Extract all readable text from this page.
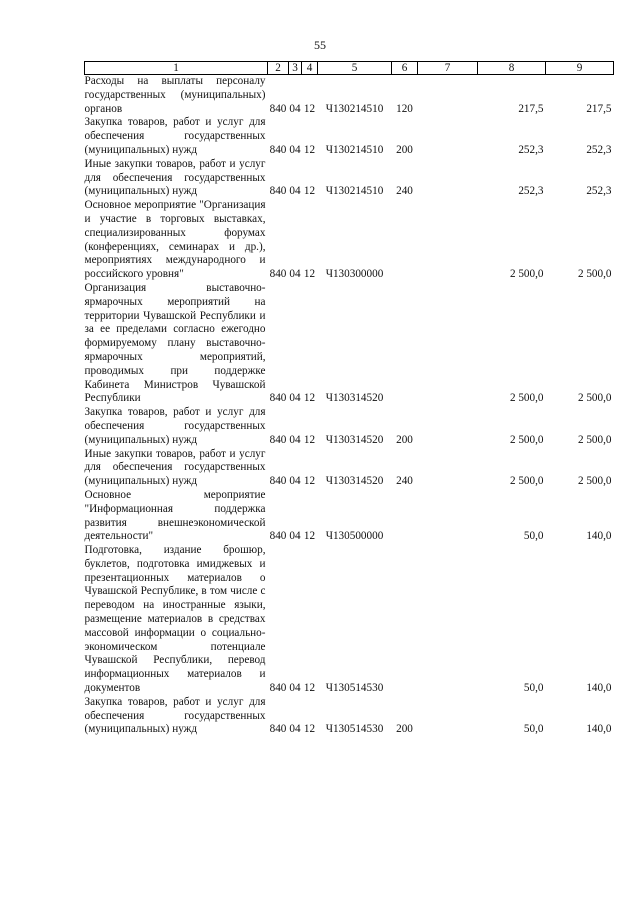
55
1	2	3	4	5	6	7	8	9
Расходы на выплаты персоналу государственных (муниципальных) органов	840	04	12	Ч130214510	120		217,5	217,5
Закупка товаров, работ и услуг для обеспечения государственных (муниципальных) нужд	840	04	12	Ч130214510	200		252,3	252,3
Иные закупки товаров, работ и услуг для обеспечения государственных (муниципальных) нужд	840	04	12	Ч130214510	240		252,3	252,3
Основное мероприятие "Организация и участие в торговых выставках, специализированных форумах (конференциях, семинарах и др.), мероприятиях международного и российского уровня"	840	04	12	Ч130300000			2 500,0	2 500,0
Организация выставочно-ярмарочных мероприятий на территории Чувашской Республики и за ее пределами согласно ежегодно формируемому плану выставочно-ярмарочных мероприятий, проводимых при поддержке Кабинета Министров Чувашской Республики	840	04	12	Ч130314520			2 500,0	2 500,0
Закупка товаров, работ и услуг для обеспечения государственных (муниципальных) нужд	840	04	12	Ч130314520	200		2 500,0	2 500,0
Иные закупки товаров, работ и услуг для обеспечения государственных (муниципальных) нужд	840	04	12	Ч130314520	240		2 500,0	2 500,0
Основное мероприятие "Информационная поддержка развития внешнеэкономической деятельности"	840	04	12	Ч130500000			50,0	140,0
Подготовка, издание брошюр, буклетов, подготовка имиджевых и презентационных материалов о Чувашской Республике, в том числе с переводом на иностранные языки, размещение материалов в средствах массовой информации о социально-экономическом потенциале Чувашской Республики, перевод информационных материалов и документов	840	04	12	Ч130514530			50,0	140,0
Закупка товаров, работ и услуг для обеспечения государственных (муниципальных) нужд	840	04	12	Ч130514530	200		50,0	140,0
